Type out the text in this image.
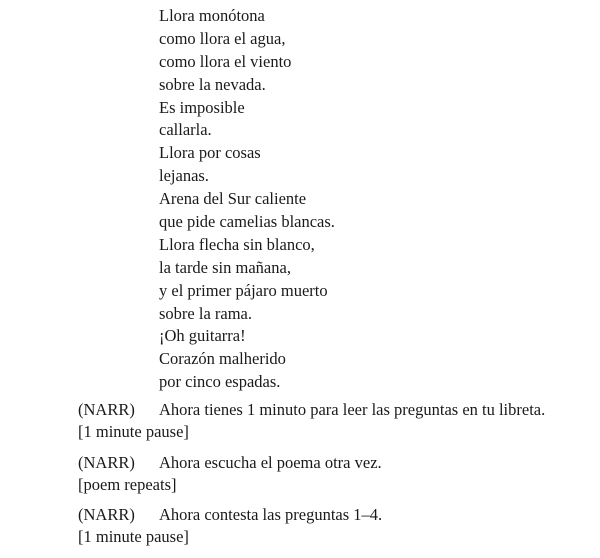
Llora monótona
como llora el agua,
como llora el viento
sobre la nevada.
Es imposible
callarla.
Llora por cosas
lejanas.
Arena del Sur caliente
que pide camelias blancas.
Llora flecha sin blanco,
la tarde sin mañana,
y el primer pájaro muerto
sobre la rama.
¡Oh guitarra!
Corazón malherido
por cinco espadas.
(NARR) Ahora tienes 1 minuto para leer las preguntas en tu libreta.
[1 minute pause]
(NARR) Ahora escucha el poema otra vez.
[poem repeats]
(NARR) Ahora contesta las preguntas 1–4.
[1 minute pause]
